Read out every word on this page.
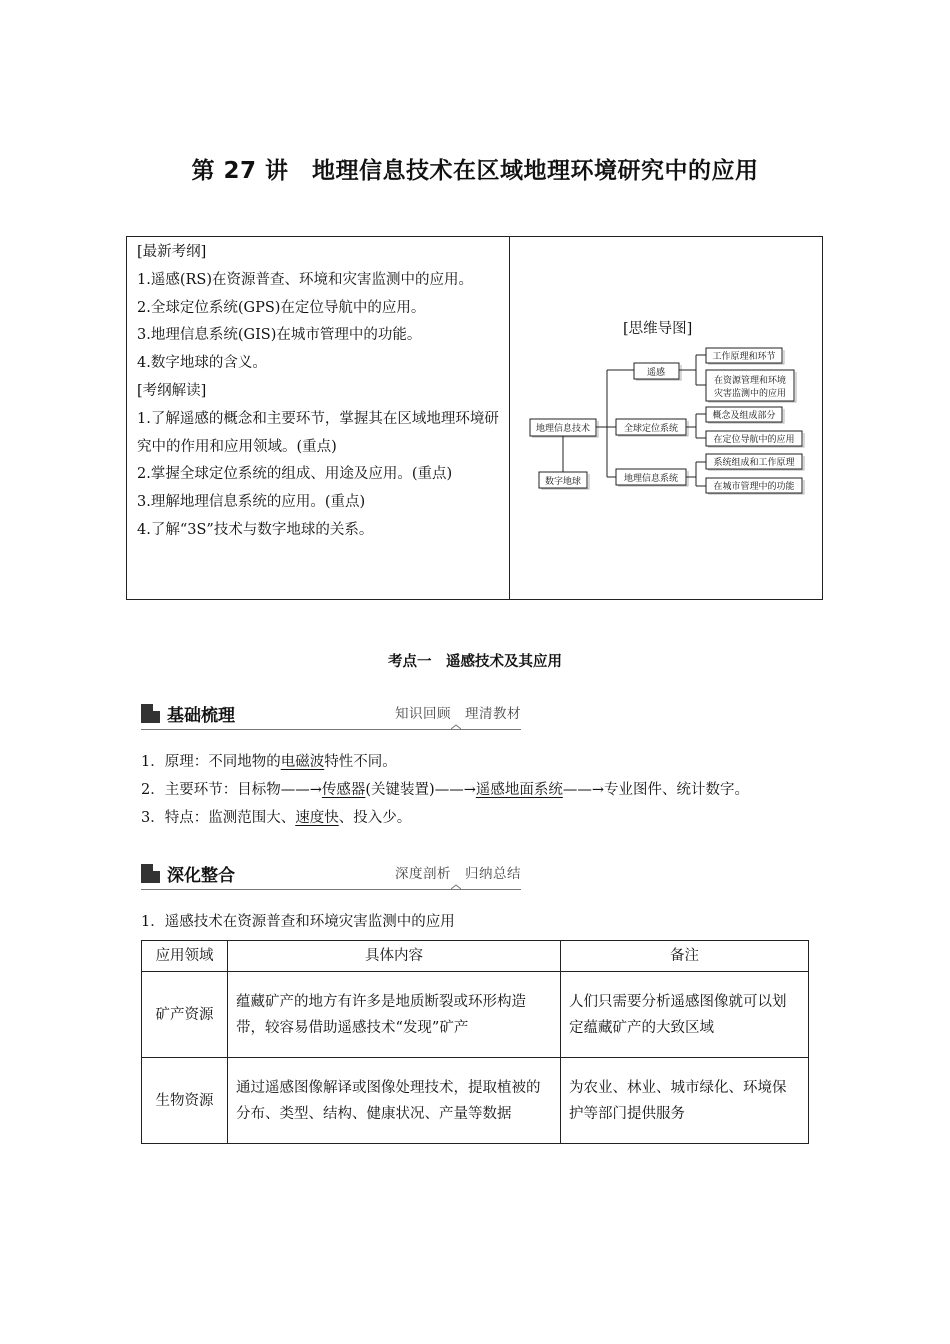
第 27 讲　地理信息技术在区域地理环境研究中的应用
[最新考纲]
1.遥感(RS)在资源普查、环境和灾害监测中的应用。
2.全球定位系统(GPS)在定位导航中的应用。
3.地理信息系统(GIS)在城市管理中的功能。
4.数字地球的含义。
[考纲解读]
1.了解遥感的概念和主要环节，掌握其在区域地理环境研究中的作用和应用领域。(重点)
2.掌握全球定位系统的组成、用途及应用。(重点)
3.理解地理信息系统的应用。(重点)
4.了解“3S”技术与数字地球的关系。
[思维导图]
地理信息技术
数字地球
遥感
全球定位系统
地理信息系统
工作原理和环节
在资源管理和环境
灾害监测中的应用
概念及组成部分
在定位导航中的应用
系统组成和工作原理
在城市管理中的功能
考点一　遥感技术及其应用
基础梳理	知识回顾　理清教材
1．原理：不同地物的电磁波特性不同。
2．主要环节：目标物——→传感器(关键装置)——→遥感地面系统——→专业图件、统计数字。
3．特点：监测范围大、速度快、投入少。
深化整合	深度剖析　归纳总结
1．遥感技术在资源普查和环境灾害监测中的应用
应用领域	具体内容	备注
矿产资源	蕴藏矿产的地方有许多是地质断裂或环形构造带，较容易借助遥感技术“发现”矿产	人们只需要分析遥感图像就可以划定蕴藏矿产的大致区域
生物资源	通过遥感图像解译或图像处理技术，提取植被的分布、类型、结构、健康状况、产量等数据	为农业、林业、城市绿化、环境保护等部门提供服务
